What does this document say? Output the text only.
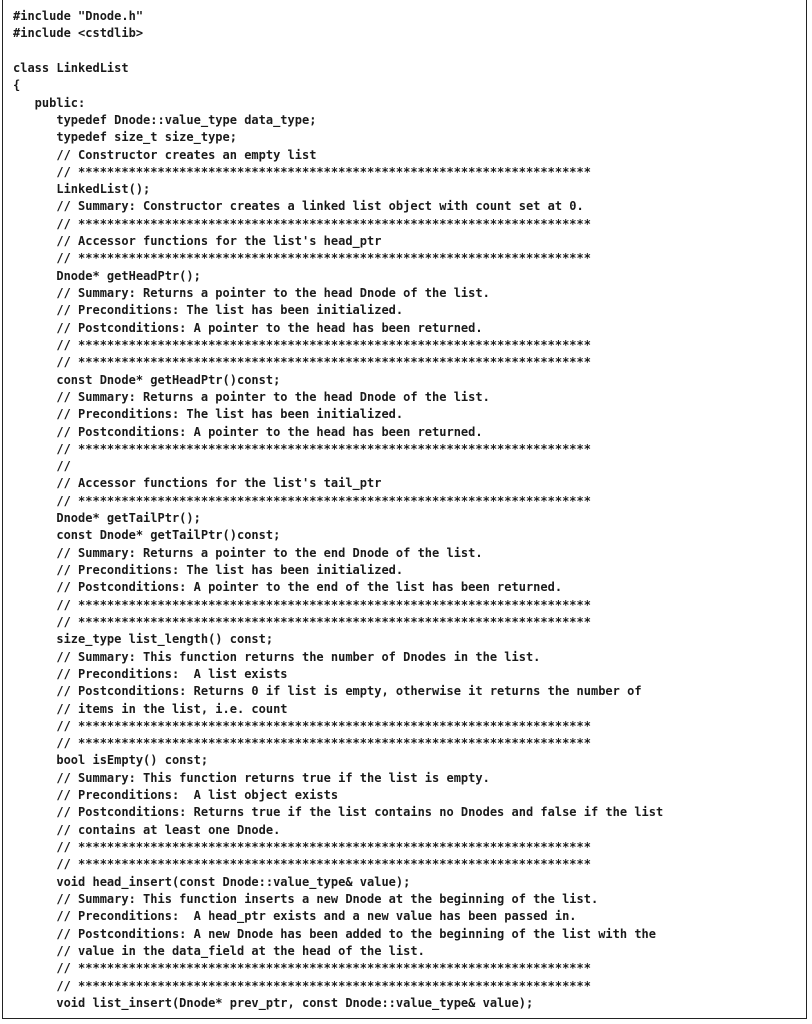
#include "Dnode.h"
#include <cstdlib>
class LinkedList
{
public:
typedef Dnode::value_type data_type;
typedef size_t size_type;
// Constructor creates an empty list
// ***********************************************************************
LinkedList();
// Summary: Constructor creates a linked list object with count set at 0.
// ***********************************************************************
// Accessor functions for the list's head_ptr
// ***********************************************************************
Dnode* getHeadPtr();
// Summary: Returns a pointer to the head Dnode of the list.
// Preconditions: The list has been initialized.
// Postconditions: A pointer to the head has been returned.
// ***********************************************************************
// ***********************************************************************
const Dnode* getHeadPtr()const;
// Summary: Returns a pointer to the head Dnode of the list.
// Preconditions: The list has been initialized.
// Postconditions: A pointer to the head has been returned.
// ***********************************************************************
//
// Accessor functions for the list's tail_ptr
// ***********************************************************************
Dnode* getTailPtr();
const Dnode* getTailPtr()const;
// Summary: Returns a pointer to the end Dnode of the list.
// Preconditions: The list has been initialized.
// Postconditions: A pointer to the end of the list has been returned.
// ***********************************************************************
// ***********************************************************************
size_type list_length() const;
// Summary: This function returns the number of Dnodes in the list.
// Preconditions:  A list exists
// Postconditions: Returns 0 if list is empty, otherwise it returns the number of
// items in the list, i.e. count
// ***********************************************************************
// ***********************************************************************
bool isEmpty() const;
// Summary: This function returns true if the list is empty.
// Preconditions:  A list object exists
// Postconditions: Returns true if the list contains no Dnodes and false if the list
// contains at least one Dnode.
// ***********************************************************************
// ***********************************************************************
void head_insert(const Dnode::value_type& value);
// Summary: This function inserts a new Dnode at the beginning of the list.
// Preconditions:  A head_ptr exists and a new value has been passed in.
// Postconditions: A new Dnode has been added to the beginning of the list with the
// value in the data_field at the head of the list.
// ***********************************************************************
// ***********************************************************************
void list_insert(Dnode* prev_ptr, const Dnode::value_type& value);
